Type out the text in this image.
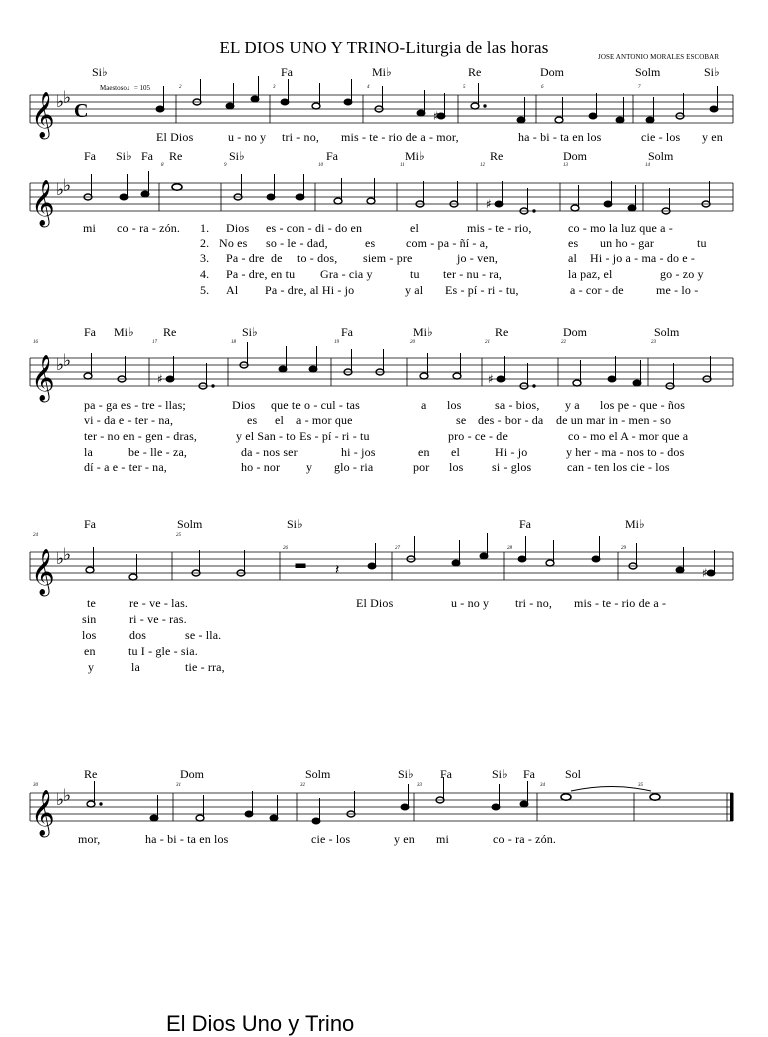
EL DIOS UNO Y TRINO-Liturgia de las horas	JOSE ANTONIO MORALES ESCOBAR
Si♭	Fa	Mi♭	Re	Dom	Solm	Si♭
Maestoso♩= 105	2	3	4	5	6	7
𝄞 ♭
♭
C	♯
El Dios	u - no y tri - no, mis - te - rio de a - mor,	ha - bi - ta en los	cie - los y en
Fa Si♭ Fa Re	Si♭	Fa	Mi♭	Re	Dom	Solm
8	9	10	11	12	13	14
𝄞 ♭
♭
♯
mi co - ra - zón. 1. Dios es - con - di - do en	el	mis - te - rio,	co - mo la luz que a -
2. No es so - le - dad,	es	com - pa - ñí - a,	es un ho - gar	tu
3. Pa - dre de to - dos, siem - pre	jo - ven,	al Hi - jo a - ma - do e -
4. Pa - dre, en tu Gra - cia y	tu ter - nu - ra,	la paz, el	go - zo y
5. Al Pa - dre, al Hi - jo	y al Es - pí - ri - tu,	a - cor - de	me - lo -
Fa Mi♭ Re	Si♭	Fa	Mi♭	Re	Dom	Solm
16	17	18	19	20	21	22	23
𝄞 ♭
♭
♯	♯
pa - ga es - tre - llas;	Dios que te o - cul - tas	a los	sa - bios, y a los pe - que - ños
vi - da e - ter - na,	es el a - mor que	se des - bor - da de un mar in - men - so
ter - no en - gen - dras,	y el San - to Es - pí - ri - tu	pro - ce - de	co - mo el A - mor que a
la	be - lle - za,	da - nos ser	hi - jos	en el	Hi - jo	y her - ma - nos to - dos
dí - a e - ter - na,	ho - nor y glo - ria	por los si - glos	can - ten los cie - los
Fa	Solm	Si♭	Fa	Mi♭
24	25
26	27	28	29
𝄞 ♭
♭
𝄽	♯
te	re - ve - las.	El Dios	u - no y tri - no, mis - te - rio de a -
sin	ri - ve - ras.
los	dos	se - lla.
en	tu I - gle - sia.
y	la	tie - rra,
Re	Dom	Solm	Si♭ Fa	Si♭ Fa	Sol
30	31	32	33	34	35
𝄞 ♭
♭
mor,	ha - bi - ta en los	cie - los	y en mi	co - ra - zón.
El Dios Uno y Trino
